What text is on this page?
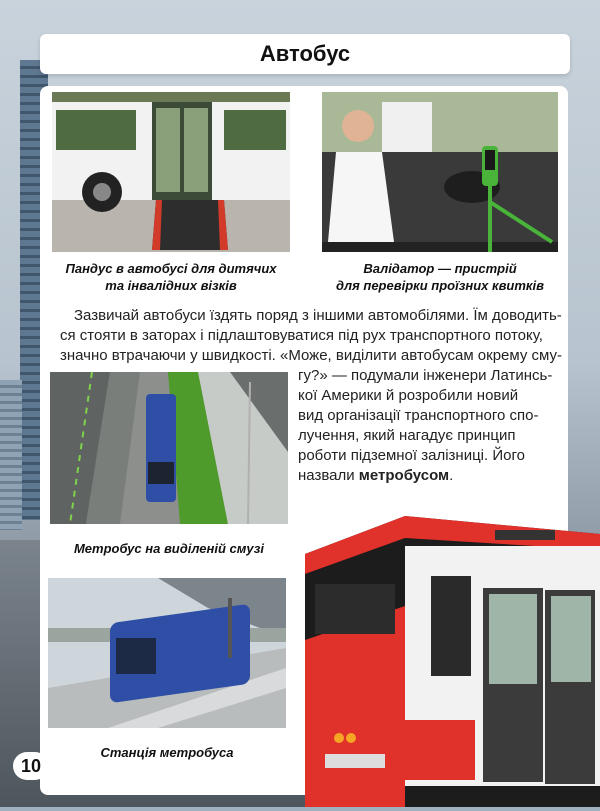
Автобус
Пандус в автобусі для дитячих
та інвалідних візків
Валідатор — пристрій
для перевірки проїзних квитків
Зазвичай автобуси їздять поряд з іншими автомобілями. Їм доводить-
ся стояти в заторах і підлаштовуватися під рух транспортного потоку,
значно втрачаючи у швидкості. «Може, виділити автобусам окрему сму-
гу?» — подумали інженери Латинсь-
кої Америки й розробили новий
вид організації транспортного спо-
лучення, який нагадує принцип
роботи підземної залізниці. Його
назвали метробусом.
Метробус на виділеній смузі
Станція метробуса
10
